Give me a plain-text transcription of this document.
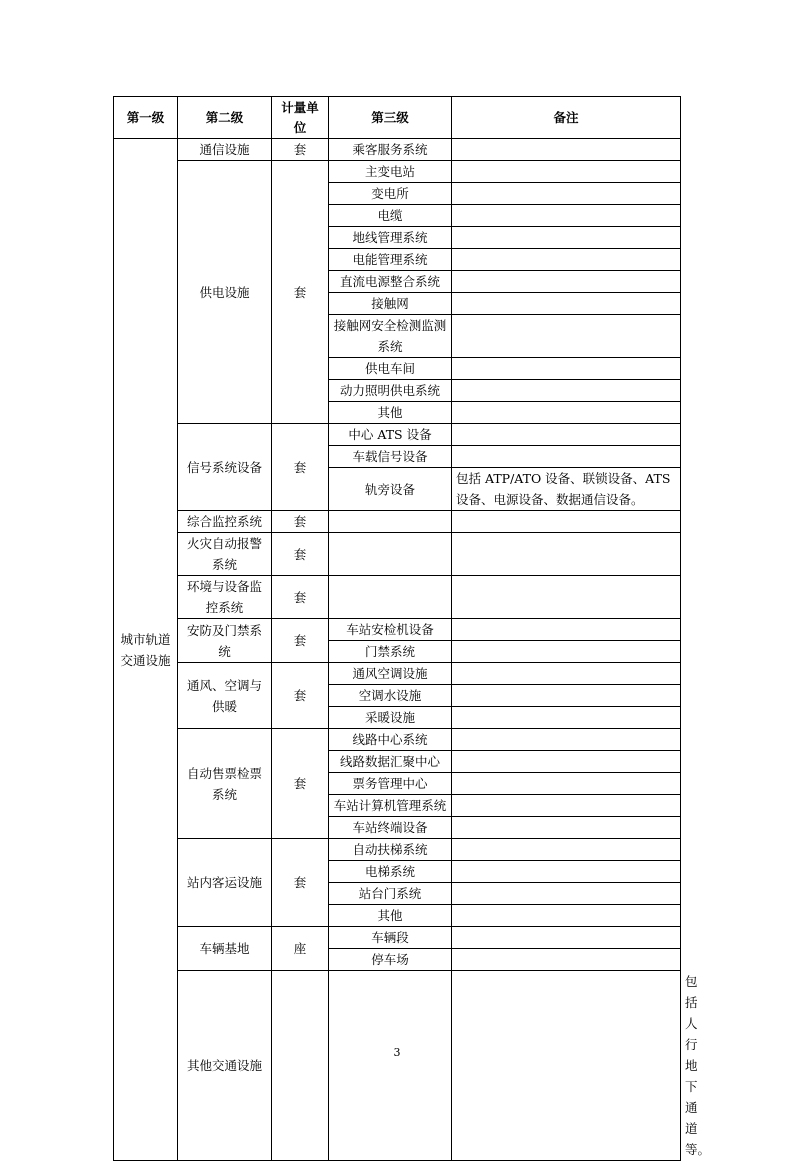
第一级	第二级	计量单位	第三级	备注	
城市轨道交通设施	通信设施	套	乘客服务系统		
	供电设施	套	主变电站		
			变电所		
			电缆		
			地线管理系统		
			电能管理系统		
			直流电源整合系统		
			接触网		
			接触网安全检测监测系统		
			供电车间		
			动力照明供电系统		
			其他		
	信号系统设备	套	中心 ATS 设备		
			车载信号设备		
			轨旁设备	包括 ATP/ATO 设备、联锁设备、ATS 设备、电源设备、数据通信设备。	
	综合监控系统	套			
	火灾自动报警系统	套			
	环境与设备监控系统	套			
	安防及门禁系统	套	车站安检机设备		
			门禁系统		
	通风、空调与供暖	套	通风空调设施		
			空调水设施		
			采暖设施		
	自动售票检票系统	套	线路中心系统		
			线路数据汇聚中心		
			票务管理中心		
			车站计算机管理系统		
			车站终端设备		
	站内客运设施	套	自动扶梯系统		
			电梯系统		
			站台门系统		
			其他		
	车辆基地	座	车辆段		
			停车场		
	其他交通设施				包括人行地下通道等。
3
